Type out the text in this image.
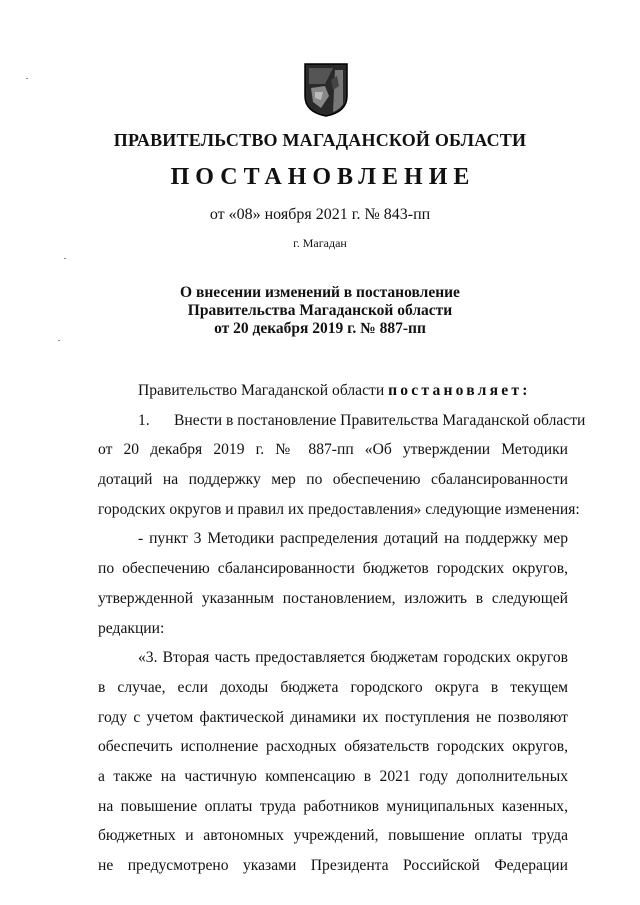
ПРАВИТЕЛЬСТВО МАГАДАНСКОЙ ОБЛАСТИ
ПОСТАНОВЛЕНИЕ
от «08» ноября 2021 г. № 843-пп
г. Магадан
О внесении изменений в постановление
Правительства Магаданской области
от 20 декабря 2019 г. № 887-пп
Правительство Магаданской области постановляет:
1. Внести в постановление Правительства Магаданской области
от 20 декабря 2019 г. № 887-пп «Об утверждении Методики
дотаций на поддержку мер по обеспечению сбалансированности
городских округов и правил их предоставления» следующие изменения:
- пункт 3 Методики распределения дотаций на поддержку мер
по обеспечению сбалансированности бюджетов городских округов,
утвержденной указанным постановлением, изложить в следующей
редакции:
«3. Вторая часть предоставляется бюджетам городских округов
в случае, если доходы бюджета городского округа в текущем
году с учетом фактической динамики их поступления не позволяют
обеспечить исполнение расходных обязательств городских округов,
а также на частичную компенсацию в 2021 году дополнительных
на повышение оплаты труда работников муниципальных казенных,
бюджетных и автономных учреждений, повышение оплаты труда
не предусмотрено указами Президента Российской Федерации
